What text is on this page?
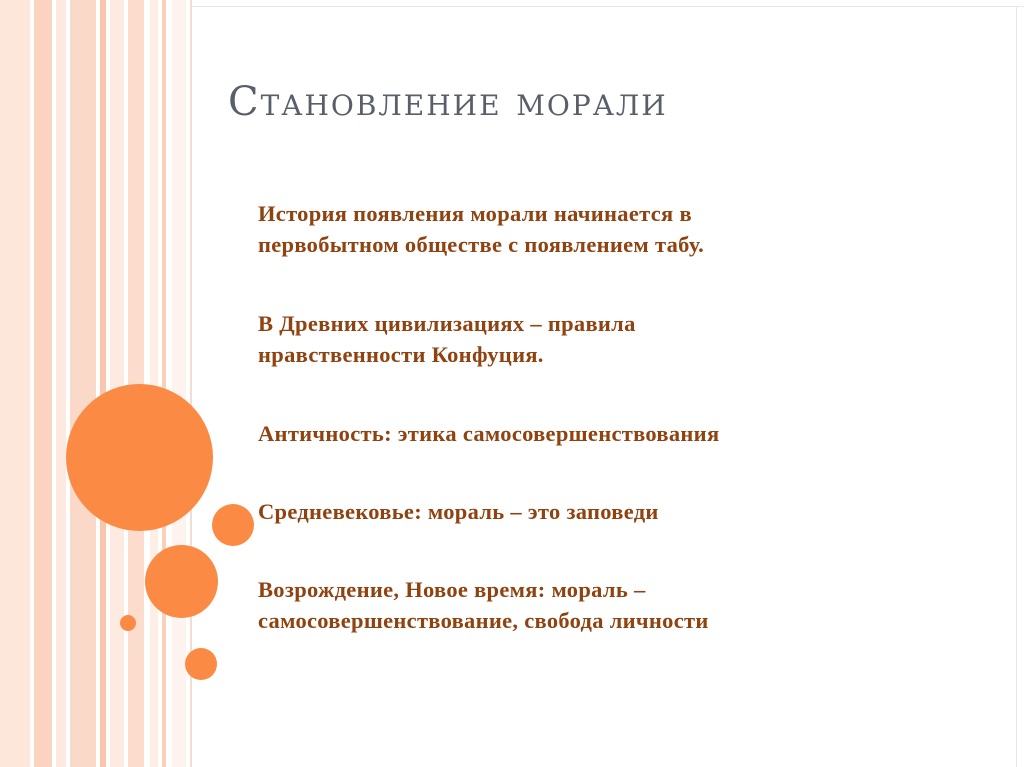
Становление морали
История появления морали начинается в
первобытном обществе с появлением табу.
В Древних цивилизациях – правила
нравственности Конфуция.
Античность: этика самосовершенствования
Средневековье: мораль – это заповеди
Возрождение, Новое время: мораль –
самосовершенствование, свобода личности
